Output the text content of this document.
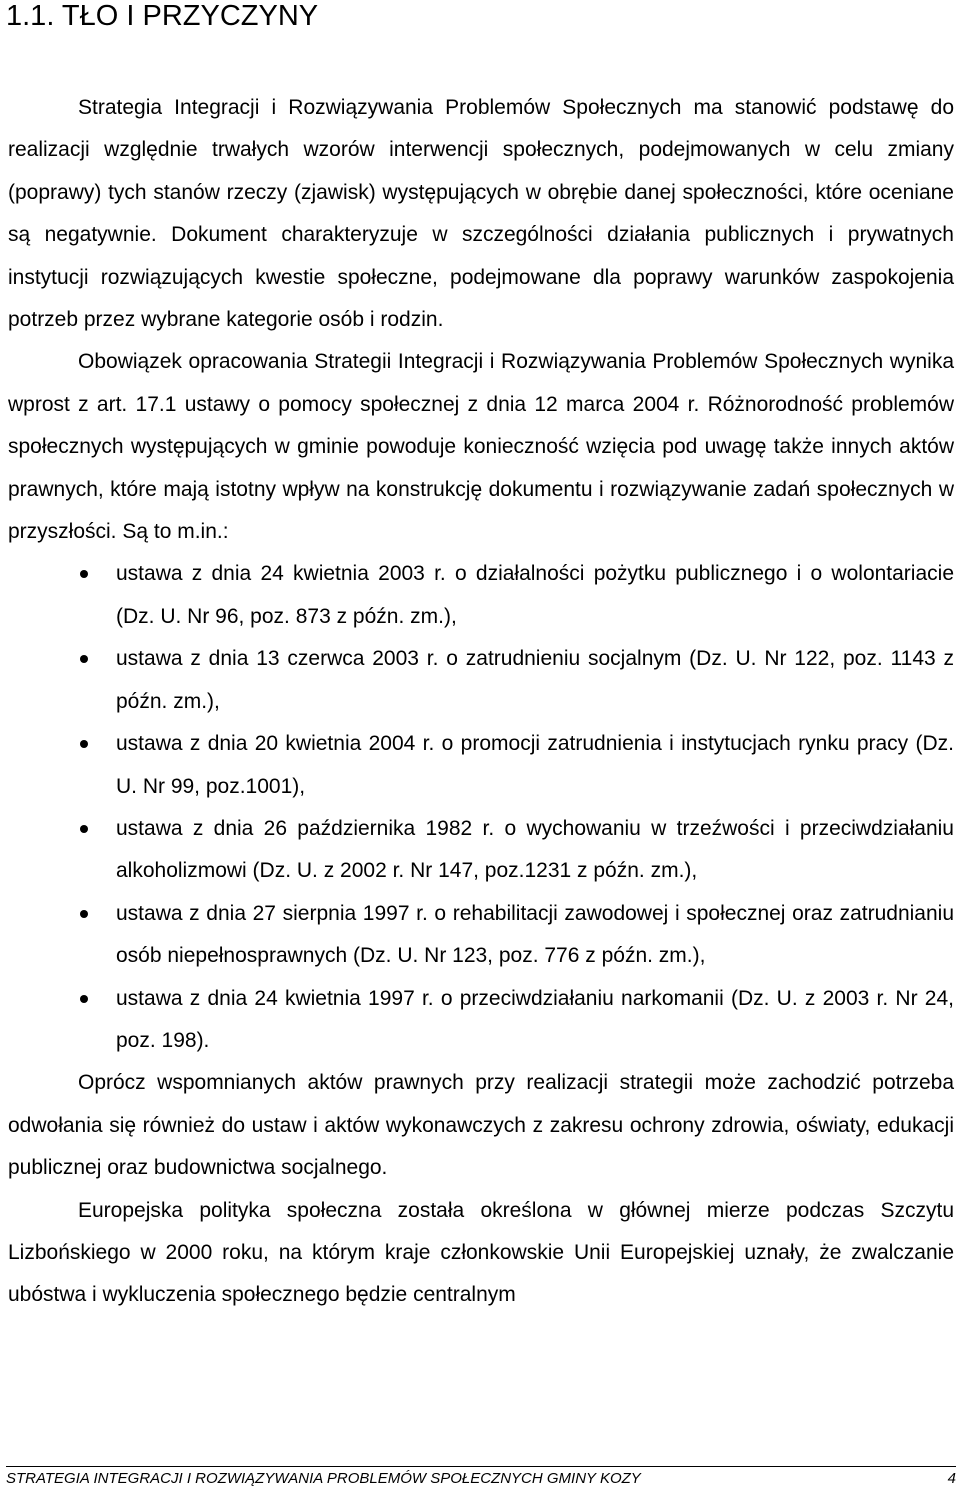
1.1. TŁO I PRZYCZYNY

Strategia Integracji i Rozwiązywania Problemów Społecznych ma stanowić podstawę do realizacji względnie trwałych wzorów interwencji społecznych, podejmowanych w celu zmiany (poprawy) tych stanów rzeczy (zjawisk) występujących w obrębie danej społeczności, które oceniane są negatywnie. Dokument charakteryzuje w szczególności działania publicznych i prywatnych instytucji rozwiązujących kwestie społeczne, podejmowane dla poprawy warunków zaspokojenia potrzeb przez wybrane kategorie osób i rodzin.

Obowiązek opracowania Strategii Integracji i Rozwiązywania Problemów Społecznych wynika wprost z art. 17.1 ustawy o pomocy społecznej z dnia 12 marca 2004 r. Różnorodność problemów społecznych występujących w gminie powoduje konieczność wzięcia pod uwagę także innych aktów prawnych, które mają istotny wpływ na konstrukcję dokumentu i rozwiązywanie zadań społecznych w przyszłości. Są to m.in.:

ustawa z dnia 24 kwietnia 2003 r. o działalności pożytku publicznego i o wolontariacie (Dz. U. Nr 96, poz. 873 z późn. zm.),
ustawa z dnia 13 czerwca 2003 r. o zatrudnieniu socjalnym (Dz. U. Nr 122, poz. 1143 z późn. zm.),
ustawa z dnia 20 kwietnia 2004 r. o promocji zatrudnienia i instytucjach rynku pracy (Dz. U. Nr 99, poz.1001),
ustawa z dnia 26 października 1982 r. o wychowaniu w trzeźwości i przeciwdziałaniu alkoholizmowi (Dz. U. z 2002 r. Nr 147, poz.1231 z późn. zm.),
ustawa z dnia 27 sierpnia 1997 r. o rehabilitacji zawodowej i społecznej oraz zatrudnianiu osób niepełnosprawnych (Dz. U. Nr 123, poz. 776 z późn. zm.),
ustawa z dnia 24 kwietnia 1997 r. o przeciwdziałaniu narkomanii (Dz. U. z 2003 r. Nr 24, poz. 198).

Oprócz wspomnianych aktów prawnych przy realizacji strategii może zachodzić potrzeba odwołania się również do ustaw i aktów wykonawczych z zakresu ochrony zdrowia, oświaty, edukacji publicznej oraz budownictwa socjalnego.

Europejska polityka społeczna została określona w głównej mierze podczas Szczytu Lizbońskiego w 2000 roku, na którym kraje członkowskie Unii Europejskiej uznały, że zwalczanie ubóstwa i wykluczenia społecznego będzie centralnym

STRATEGIA INTEGRACJI I ROZWIĄZYWANIA PROBLEMÓW SPOŁECZNYCH GMINY KOZY	4
